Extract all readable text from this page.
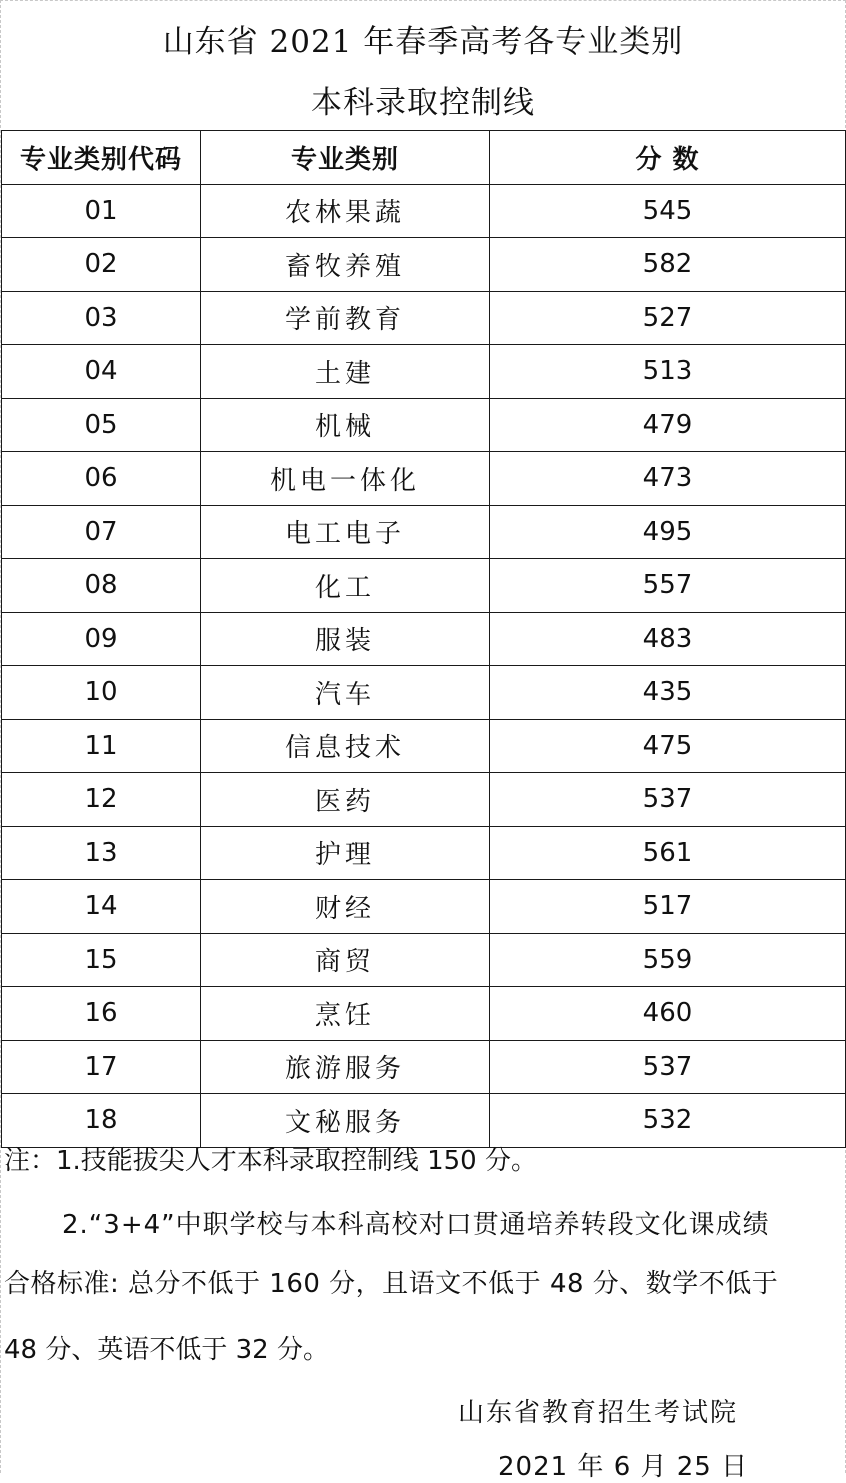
山东省 2021 年春季高考各专业类别
本科录取控制线
专业类别代码	专业类别	分 数
01	农林果蔬	545
02	畜牧养殖	582
03	学前教育	527
04	土建	513
05	机械	479
06	机电一体化	473
07	电工电子	495
08	化工	557
09	服装	483
10	汽车	435
11	信息技术	475
12	医药	537
13	护理	561
14	财经	517
15	商贸	559
16	烹饪	460
17	旅游服务	537
18	文秘服务	532
注：1.技能拔尖人才本科录取控制线 150 分。
2.“3+4”中职学校与本科高校对口贯通培养转段文化课成绩
合格标准: 总分不低于 160 分，且语文不低于 48 分、数学不低于
48 分、英语不低于 32 分。
山东省教育招生考试院
2021 年 6 月 25 日
